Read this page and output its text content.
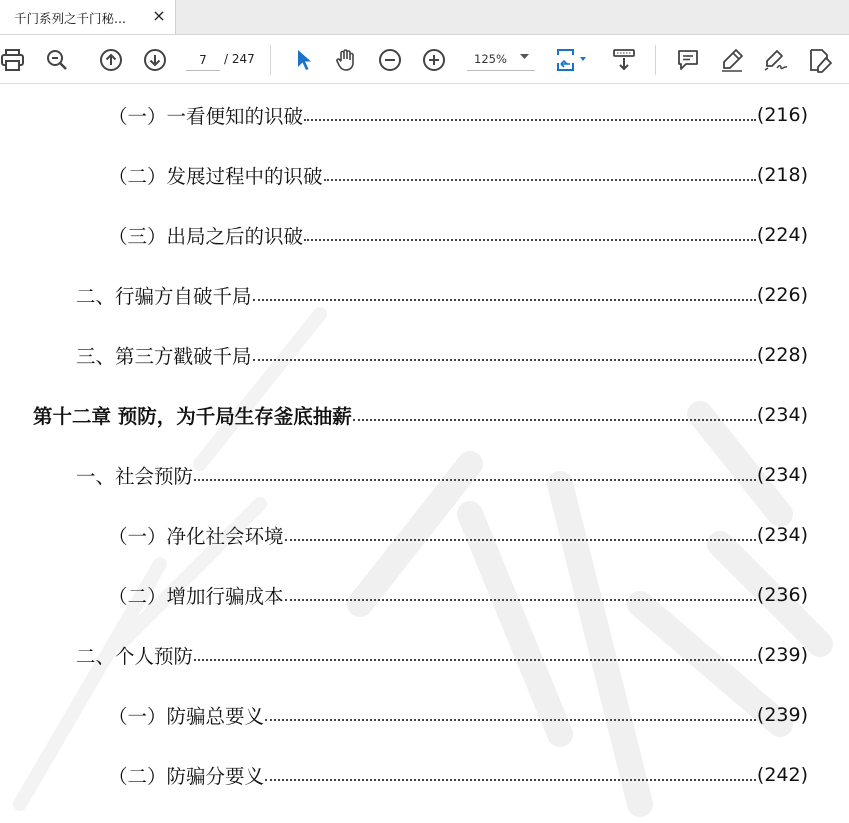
千门系列之千门秘... ×
7
/ 247	125%
（一）一看便知的识破	(216)
（二）发展过程中的识破	(218)
（三）出局之后的识破	(224)
二、行骗方自破千局	(226)
三、第三方戳破千局	(228)
第十二章 预防，为千局生存釜底抽薪	(234)
一、社会预防	(234)
（一）净化社会环境	(234)
（二）增加行骗成本	(236)
二、个人预防	(239)
（一）防骗总要义	(239)
（二）防骗分要义	(242)
